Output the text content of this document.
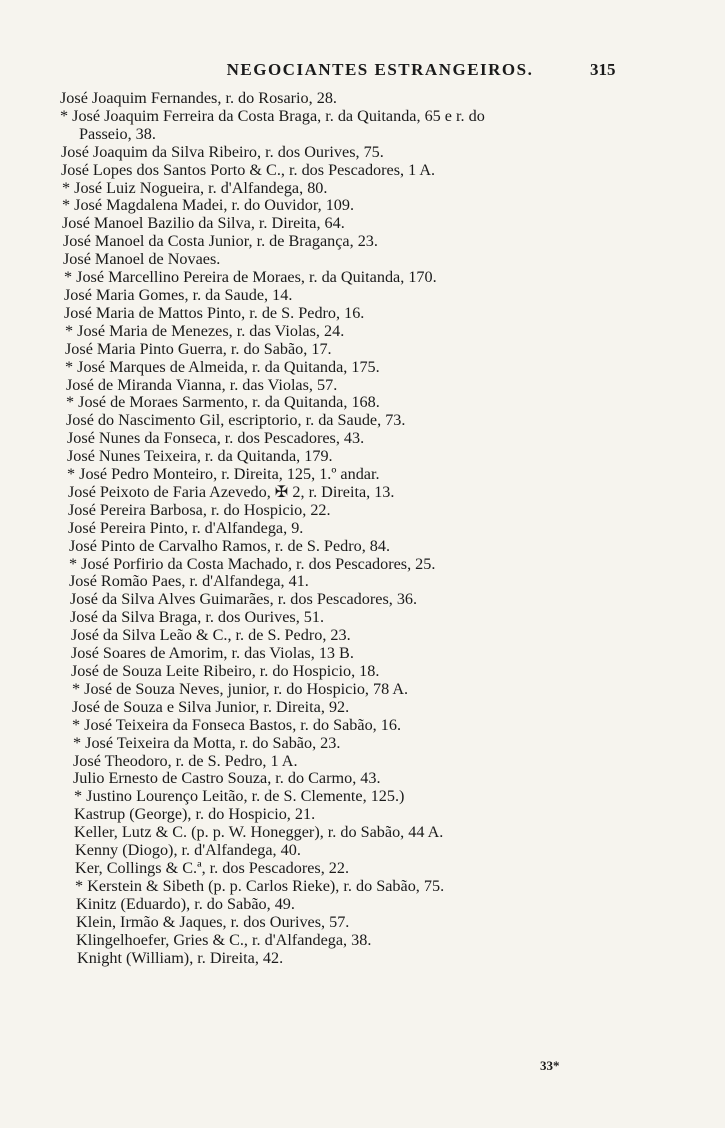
NEGOCIANTES ESTRANGEIROS.	315
José Joaquim Fernandes, r. do Rosario, 28.
* José Joaquim Ferreira da Costa Braga, r. da Quitanda, 65 e r. do
Passeio, 38.
José Joaquim da Silva Ribeiro, r. dos Ourives, 75.
José Lopes dos Santos Porto & C., r. dos Pescadores, 1 A.
* José Luiz Nogueira, r. d'Alfandega, 80.
* José Magdalena Madei, r. do Ouvidor, 109.
José Manoel Bazilio da Silva, r. Direita, 64.
José Manoel da Costa Junior, r. de Bragança, 23.
José Manoel de Novaes.
* José Marcellino Pereira de Moraes, r. da Quitanda, 170.
José Maria Gomes, r. da Saude, 14.
José Maria de Mattos Pinto, r. de S. Pedro, 16.
* José Maria de Menezes, r. das Violas, 24.
José Maria Pinto Guerra, r. do Sabão, 17.
* José Marques de Almeida, r. da Quitanda, 175.
José de Miranda Vianna, r. das Violas, 57.
* José de Moraes Sarmento, r. da Quitanda, 168.
José do Nascimento Gil, escriptorio, r. da Saude, 73.
José Nunes da Fonseca, r. dos Pescadores, 43.
José Nunes Teixeira, r. da Quitanda, 179.
* José Pedro Monteiro, r. Direita, 125, 1.º andar.
José Peixoto de Faria Azevedo, ✠ 2, r. Direita, 13.
José Pereira Barbosa, r. do Hospicio, 22.
José Pereira Pinto, r. d'Alfandega, 9.
José Pinto de Carvalho Ramos, r. de S. Pedro, 84.
* José Porfirio da Costa Machado, r. dos Pescadores, 25.
José Romão Paes, r. d'Alfandega, 41.
José da Silva Alves Guimarães, r. dos Pescadores, 36.
José da Silva Braga, r. dos Ourives, 51.
José da Silva Leão & C., r. de S. Pedro, 23.
José Soares de Amorim, r. das Violas, 13 B.
José de Souza Leite Ribeiro, r. do Hospicio, 18.
* José de Souza Neves, junior, r. do Hospicio, 78 A.
José de Souza e Silva Junior, r. Direita, 92.
* José Teixeira da Fonseca Bastos, r. do Sabão, 16.
* José Teixeira da Motta, r. do Sabão, 23.
José Theodoro, r. de S. Pedro, 1 A.
Julio Ernesto de Castro Souza, r. do Carmo, 43.
* Justino Lourenço Leitão, r. de S. Clemente, 125.)
Kastrup (George), r. do Hospicio, 21.
Keller, Lutz & C. (p. p. W. Honegger), r. do Sabão, 44 A.
Kenny (Diogo), r. d'Alfandega, 40.
Ker, Collings & C.ª, r. dos Pescadores, 22.
* Kerstein & Sibeth (p. p. Carlos Rieke), r. do Sabão, 75.
Kinitz (Eduardo), r. do Sabão, 49.
Klein, Irmão & Jaques, r. dos Ourives, 57.
Klingelhoefer, Gries & C., r. d'Alfandega, 38.
Knight (William), r. Direita, 42.
33*
